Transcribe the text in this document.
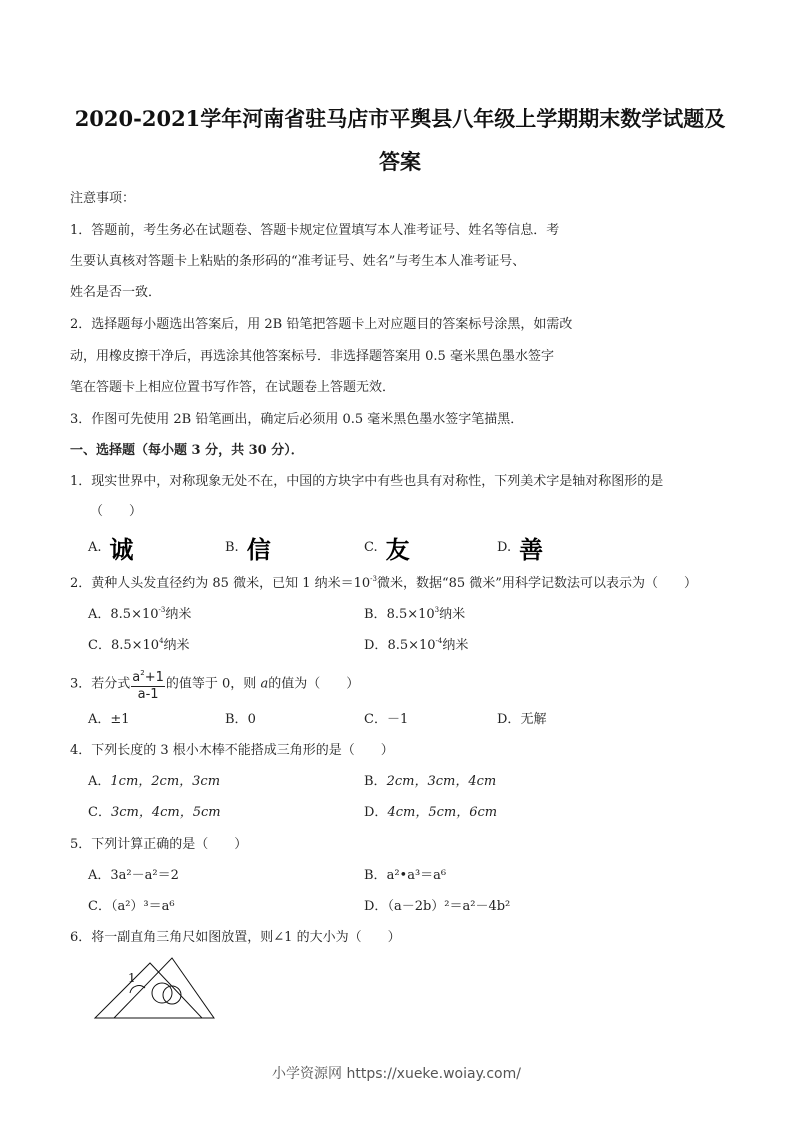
2020-2021学年河南省驻马店市平舆县八年级上学期期末数学试题及
答案
注意事项：
1．答题前，考生务必在试题卷、答题卡规定位置填写本人准考证号、姓名等信息．考
生要认真核对答题卡上粘贴的条形码的“准考证号、姓名”与考生本人准考证号、
姓名是否一致．
2．选择题每小题选出答案后，用 2B 铅笔把答题卡上对应题目的答案标号涂黑，如需改
动，用橡皮擦干净后，再选涂其他答案标号．非选择题答案用 0.5 毫米黑色墨水签字
笔在答题卡上相应位置书写作答，在试题卷上答题无效．
3．作图可先使用 2B 铅笔画出，确定后必须用 0.5 毫米黑色墨水签字笔描黑．
一、选择题（每小题 3 分，共 30 分）．
1．现实世界中，对称现象无处不在，中国的方块字中有些也具有对称性，下列美术字是轴对称图形的是
（　　）
A. 诚	B. 信	C. 友	D. 善
2．黄种人头发直径约为 85 微米，已知 1 纳米$=10^{-3}$微米，数据“85 微米”用科学记数法可以表示为（　　）
A．$8.5\times 10^{-3}$纳米	B．$8.5\times 10^3$纳米
C．$8.5\times 10^4$纳米	D．$8.5\times 10^{-4}$纳米
3．若分式 $\frac{a^2+1}{a-1}$ 的值等于 0，则 a的值为（　　）
A．±1	B．0	C．－1	D．无解
4．下列长度的 3 根小木棒不能搭成三角形的是（　　）
A．1cm，2cm，3cm	B．2cm，3cm，4cm
C．3cm，4cm，5cm	D．4cm，5cm，6cm
5．下列计算正确的是（　　）
A．3a²－a²＝2	B．a²•a³＝a⁶
C．（a²）³＝a⁶	D．（a－2b）²＝a²－4b²
6．将一副直角三角尺如图放置，则∠1 的大小为（　　）
1
小学资源网 https://xueke.woiay.com/
